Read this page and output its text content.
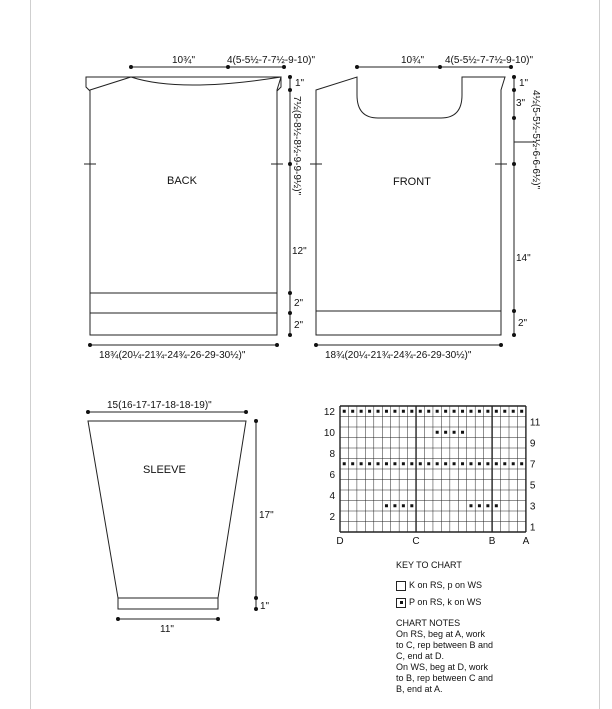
BACK
10¾"	4(5-5½-7-7½-9-10)"
1"
7½(8-8½-8½-9-9-9½)"
12"
2"
2"
18¾(20¼-21¾-24¾-26-29-30½)"
FRONT
10¾" 4(5-5½-7-7½-9-10)"
1"
3" 4½(5-5½-5½-6-6-6½)"
14"
2"
18¾(20¼-21¾-24¾-26-29-30½)"
SLEEVE
15(16-17-17-18-18-19)"
17"
1"
11"
12
10
8
6
4
2
11
9
7
5
3
1
D	C	B	A
KEY TO CHART
K on RS, p on WS
P on RS, k on WS
CHART NOTES
On RS, beg at A, work
to C, rep between B and
C, end at D.
On WS, beg at D, work
to B, rep between C and
B, end at A.
